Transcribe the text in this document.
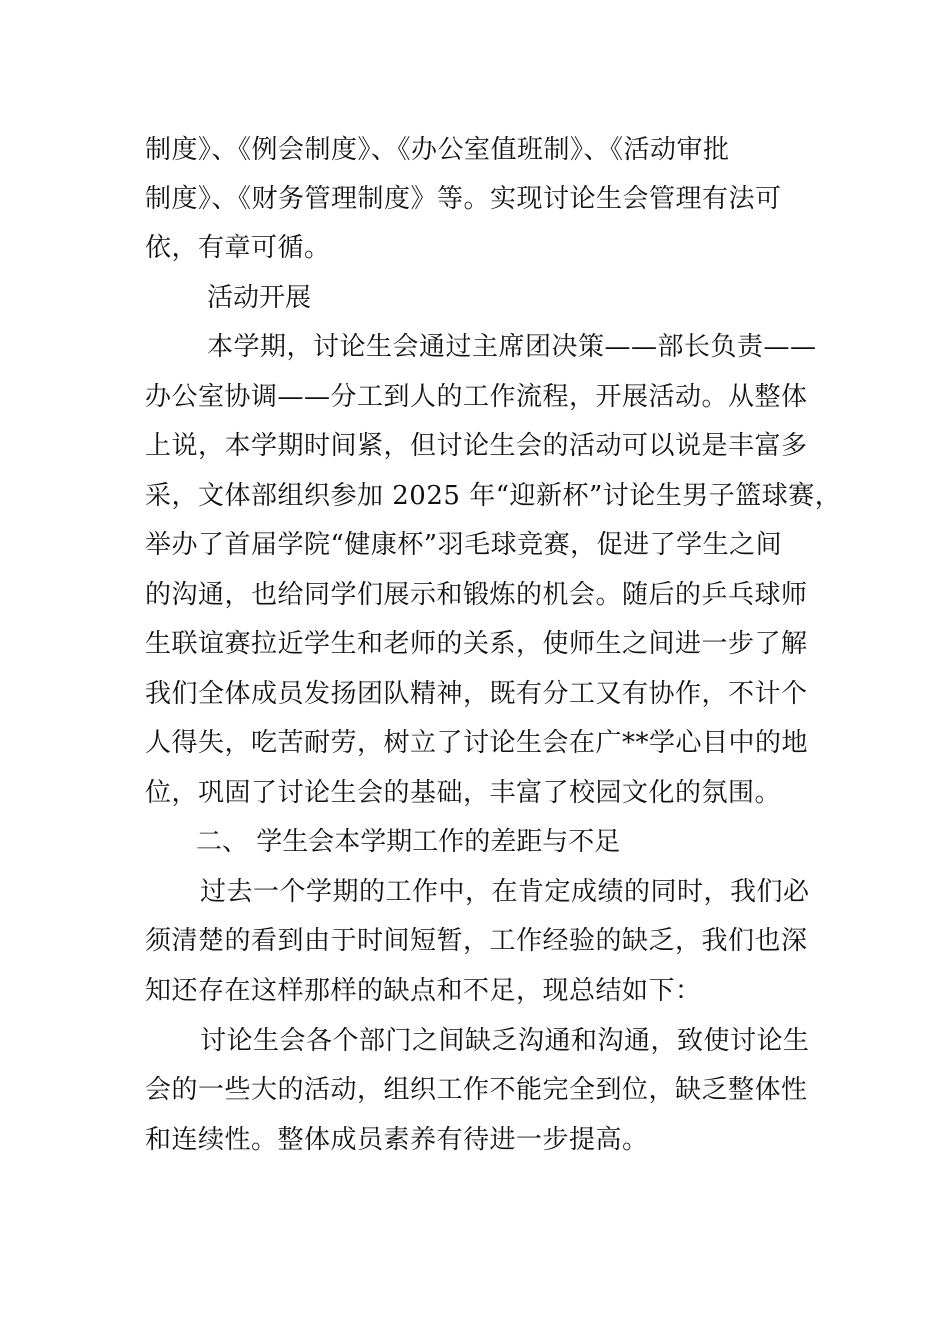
制度》、《例会制度》、《办公室值班制》、《活动审批
制度》、《财务管理制度》等。实现讨论生会管理有法可
依，有章可循。
活动开展
本学期，讨论生会通过主席团决策——部长负责——
办公室协调——分工到人的工作流程，开展活动。从整体
上说，本学期时间紧，但讨论生会的活动可以说是丰富多
采，文体部组织参加 2025 年“迎新杯”讨论生男子篮球赛，
举办了首届学院“健康杯”羽毛球竞赛，促进了学生之间
的沟通，也给同学们展示和锻炼的机会。随后的乒乓球师
生联谊赛拉近学生和老师的关系，使师生之间进一步了解
我们全体成员发扬团队精神，既有分工又有协作，不计个
人得失，吃苦耐劳，树立了讨论生会在广**学心目中的地
位，巩固了讨论生会的基础，丰富了校园文化的氛围。
二、 学生会本学期工作的差距与不足
过去一个学期的工作中，在肯定成绩的同时，我们必
须清楚的看到由于时间短暂，工作经验的缺乏，我们也深
知还存在这样那样的缺点和不足，现总结如下：
讨论生会各个部门之间缺乏沟通和沟通，致使讨论生
会的一些大的活动，组织工作不能完全到位，缺乏整体性
和连续性。整体成员素养有待进一步提高。
